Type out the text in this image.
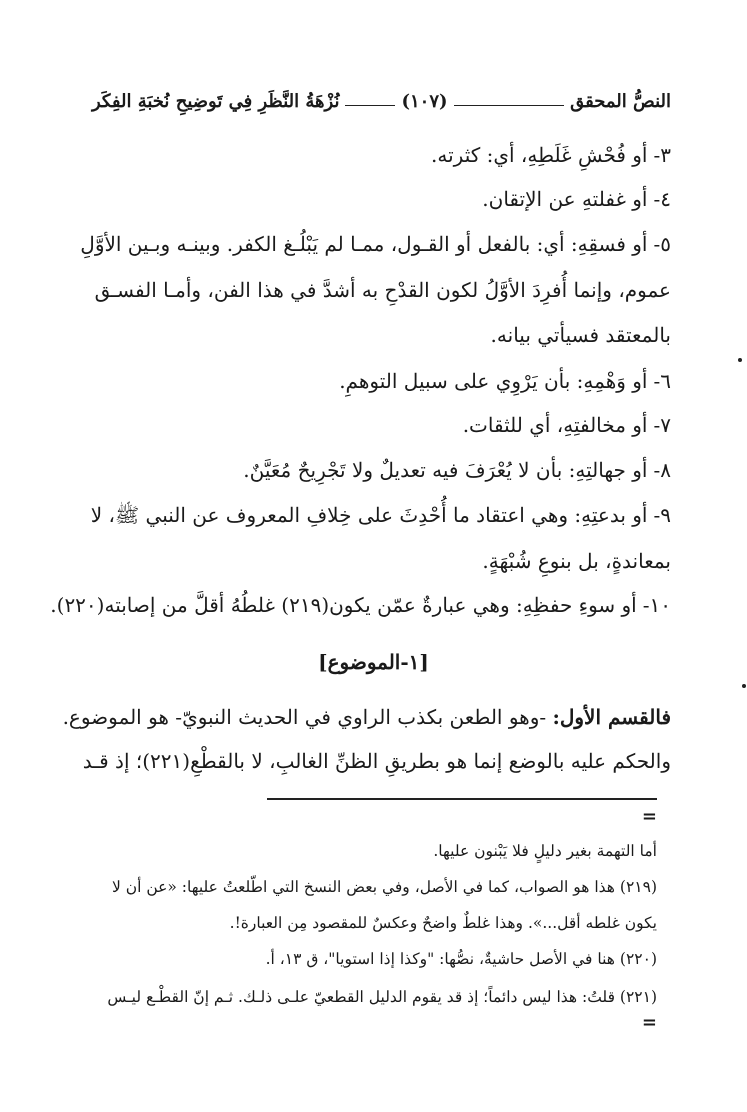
النصُّ المحقق
(١٠٧)
نُزْهَةُ النَّظَرِ فِي تَوضِيحِ نُخبَةِ الفِكَر
٣-أو فُحْشِ غَلَطِهِ، أي: كثرته.
٤-أو غفلتهِ عن الإتقان.
٥-أو فسقِهِ: أي: بالفعل أو القـول، ممـا لم يَبْلُـغ الكفر. وبينـه وبـين الأوَّلِ
عموم، وإنما أُفرِدَ الأوَّلُ لكون القدْحِ به أشدَّ في هذا الفن، وأمـا الفسـق
بالمعتقد فسيأتي بيانه.
٦-أو وَهْمِهِ: بأن يَرْوِي على سبيل التوهمِ.
٧-أو مخالفتِهِ، أي للثقات.
٨-أو جهالتِهِ: بأن لا يُعْرَفَ فيه تعديلٌ ولا تَجْرِيحٌ مُعَيَّنٌ.
٩-أو بدعتِهِ: وهي اعتقاد ما أُحْدِثَ على خِلافِ المعروف عن النبي ﷺ، لا
بمعاندةٍ، بل بنوعِ شُبْهَةٍ.
١٠-أو سوءِ حفظِهِ: وهي عبارةٌ عمّن يكون(٢١٩) غلطُهُ أقلَّ من إصابته(٢٢٠).
[١-الموضوع]
فالقسم الأول: -وهو الطعن بكذب الراوي في الحديث النبويّ- هو الموضوع.
والحكم عليه بالوضع إنما هو بطريقِ الظنِّ الغالبِ، لا بالقطْعِ(٢٢١)؛ إذ قـد
=
أما التهمة بغير دليلٍ فلا يَبْنون عليها.
(٢١٩) هذا هو الصواب، كما في الأصل، وفي بعض النسخ التي اطّلعتُ عليها: «عن أن لا
يكون غلطه أقل...». وهذا غلطٌ واضحٌ وعكسٌ للمقصود مِن العبارة!.
(٢٢٠) هنا في الأصل حاشيةٌ، نصُّها: "وكذا إذا استويا"، ق ١٣، أ.
(٢٢١) قلتُ: هذا ليس دائماً؛ إذ قد يقوم الدليل القطعيّ علـى ذلـك. ثـم إنّ القطْـع ليـس
=
